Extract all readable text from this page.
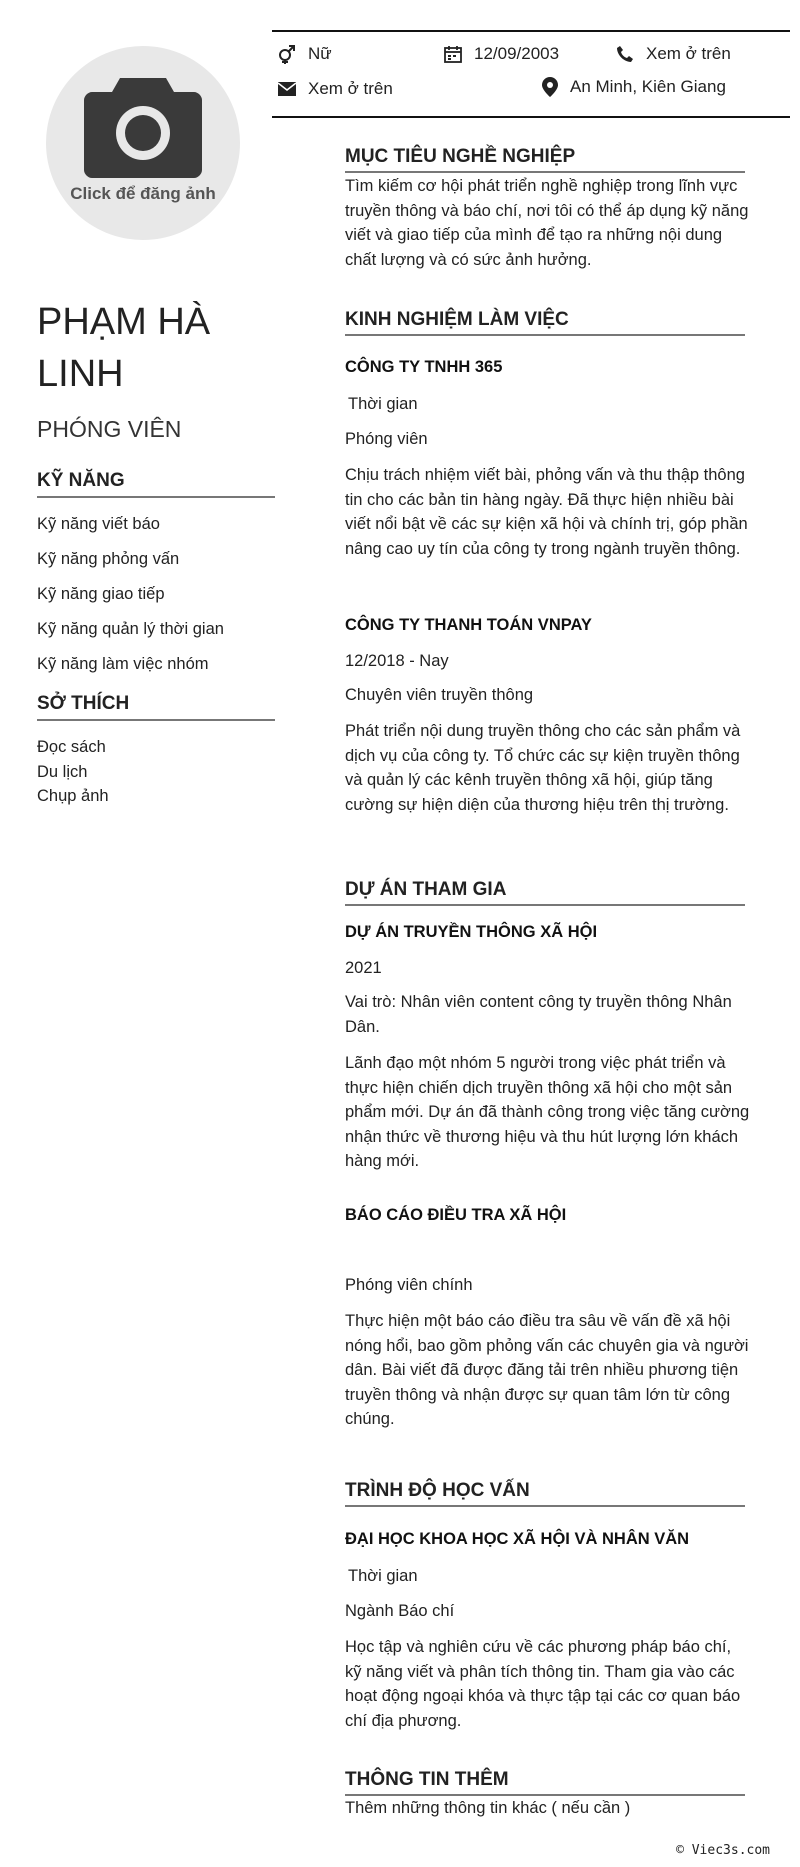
Nữ	12/09/2003	Xem ở trên
Xem ở trên	An Minh, Kiên Giang
Click để đăng ảnh
PHẠM HÀ
LINH
PHÓNG VIÊN
KỸ NĂNG
Kỹ năng viết báo
Kỹ năng phỏng vấn
Kỹ năng giao tiếp
Kỹ năng quản lý thời gian
Kỹ năng làm việc nhóm
SỞ THÍCH
Đọc sách
Du lịch
Chụp ảnh
MỤC TIÊU NGHỀ NGHIỆP
Tìm kiếm cơ hội phát triển nghề nghiệp trong lĩnh vực truyền thông và báo chí, nơi tôi có thể áp dụng kỹ năng viết và giao tiếp của mình để tạo ra những nội dung chất lượng và có sức ảnh hưởng.
KINH NGHIỆM LÀM VIỆC
CÔNG TY TNHH 365
Thời gian
Phóng viên
Chịu trách nhiệm viết bài, phỏng vấn và thu thập thông tin cho các bản tin hàng ngày. Đã thực hiện nhiều bài viết nổi bật về các sự kiện xã hội và chính trị, góp phần nâng cao uy tín của công ty trong ngành truyền thông.
CÔNG TY THANH TOÁN VNPAY
12/2018 - Nay
Chuyên viên truyền thông
Phát triển nội dung truyền thông cho các sản phẩm và dịch vụ của công ty. Tổ chức các sự kiện truyền thông và quản lý các kênh truyền thông xã hội, giúp tăng cường sự hiện diện của thương hiệu trên thị trường.
DỰ ÁN THAM GIA
DỰ ÁN TRUYỀN THÔNG XÃ HỘI
2021
Vai trò: Nhân viên content công ty truyền thông Nhân Dân.
Lãnh đạo một nhóm 5 người trong việc phát triển và thực hiện chiến dịch truyền thông xã hội cho một sản phẩm mới. Dự án đã thành công trong việc tăng cường nhận thức về thương hiệu và thu hút lượng lớn khách hàng mới.
BÁO CÁO ĐIỀU TRA XÃ HỘI
Phóng viên chính
Thực hiện một báo cáo điều tra sâu về vấn đề xã hội nóng hổi, bao gồm phỏng vấn các chuyên gia và người dân. Bài viết đã được đăng tải trên nhiều phương tiện truyền thông và nhận được sự quan tâm lớn từ công chúng.
TRÌNH ĐỘ HỌC VẤN
ĐẠI HỌC KHOA HỌC XÃ HỘI VÀ NHÂN VĂN
Thời gian
Ngành Báo chí
Học tập và nghiên cứu về các phương pháp báo chí, kỹ năng viết và phân tích thông tin. Tham gia vào các hoạt động ngoại khóa và thực tập tại các cơ quan báo chí địa phương.
THÔNG TIN THÊM
Thêm những thông tin khác ( nếu cần )
© Viec3s.com
